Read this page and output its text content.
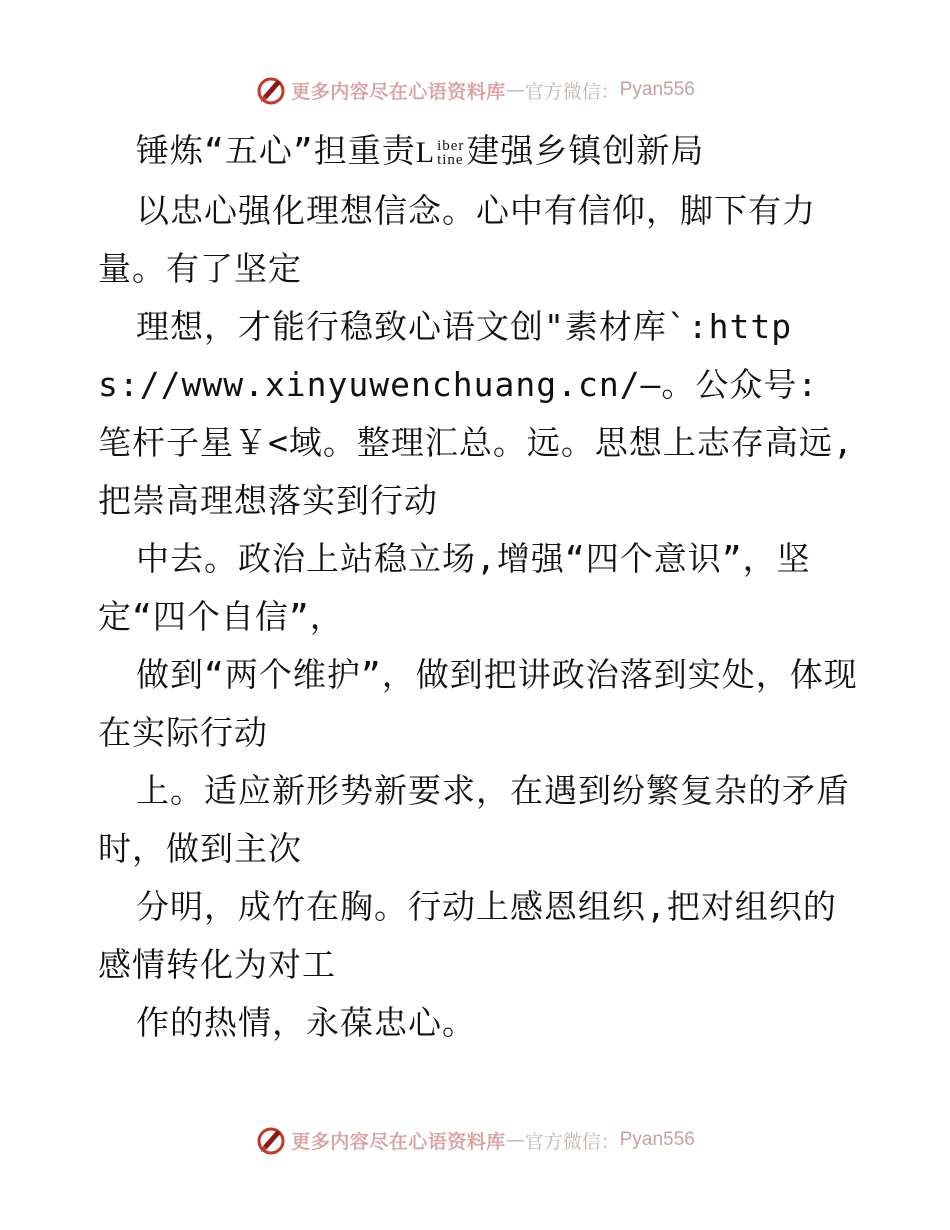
更多内容尽在心语资料库 — 官方微信： Pyan556

锤炼“五心”担重责 L iber
tine 建强乡镇创新局

以忠心强化理想信念。心中有信仰，脚下有力量。有了坚定

理想，才能行稳致心语文创"素材库`:https://www.xinyuwenchuang.cn/—。公众号: 笔杆子星￥<域。整理汇总。远。思想上志存高远,把崇高理想落实到行动

中去。政治上站稳立场,增强“四个意识”，坚定“四个自信”，

做到“两个维护”，做到把讲政治落到实处，体现在实际行动

上。适应新形势新要求，在遇到纷繁复杂的矛盾时，做到主次

分明，成竹在胸。行动上感恩组织,把对组织的感情转化为对工

作的热情，永葆忠心。

更多内容尽在心语资料库 — 官方微信： Pyan556
